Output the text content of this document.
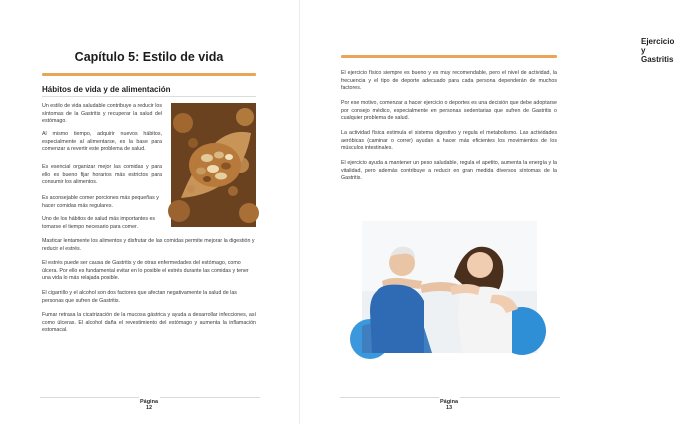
Capítulo 5: Estilo de vida
Hábitos de vida y de alimentación

Un estilo de vida saludable contribuye a reducir los síntomas de la Gastritis y recuperar la salud del estómago.

Al mismo tiempo, adquirir nuevos hábitos, especialmente al alimentarse, es la base para comenzar a revertir este problema de salud.

Es esencial organizar mejor las comidas y para ello es bueno fijar horarios más estrictos para consumir los alimentos.

Es aconsejable comer porciones más pequeñas y hacer comidas más regulares.

Uno de los hábitos de salud más importantes es tomarse el tiempo necesario para comer.

Masticar lentamente los alimentos y disfrutar de las comidas permite mejorar la digestión y reducir el estrés.

El estrés puede ser causa de Gastritis y de otras enfermedades del estómago, como úlcera. Por ello es fundamental evitar en lo posible el estrés durante las comidas y tener una vida lo más relajada posible.

El cigarrillo y el alcohol son dos factores que afectan negativamente la salud de las personas que sufren de Gastritis.

Fumar retrasa la cicatrización de la mucosa gástrica y ayuda a desarrollar infecciones, así como úlceras. El alcohol daña el revestimiento del estómago y aumenta la inflamación estomacal.

Página
12
Ejercicio y Gastritis

El ejercicio físico siempre es bueno y es muy recomendable, pero el nivel de actividad, la frecuencia y el tipo de deporte adecuado para cada persona dependerán de muchos factores.

Por ese motivo, comenzar a hacer ejercicio o deportes es una decisión que debe adoptarse por consejo médico, especialmente en personas sedentarias que sufren de Gastritis o cualquier problema de salud.

La actividad física estimula el sistema digestivo y regula el metabolismo. Las actividades aeróbicas (caminar o correr) ayudan a hacer más eficientes los movimientos de los músculos intestinales.

El ejercicio ayuda a mantener un peso saludable, regula el apetito, aumenta la energía y la vitalidad, pero además contribuye a reducir en gran medida diversos síntomas de la Gastritis.

Página
13
